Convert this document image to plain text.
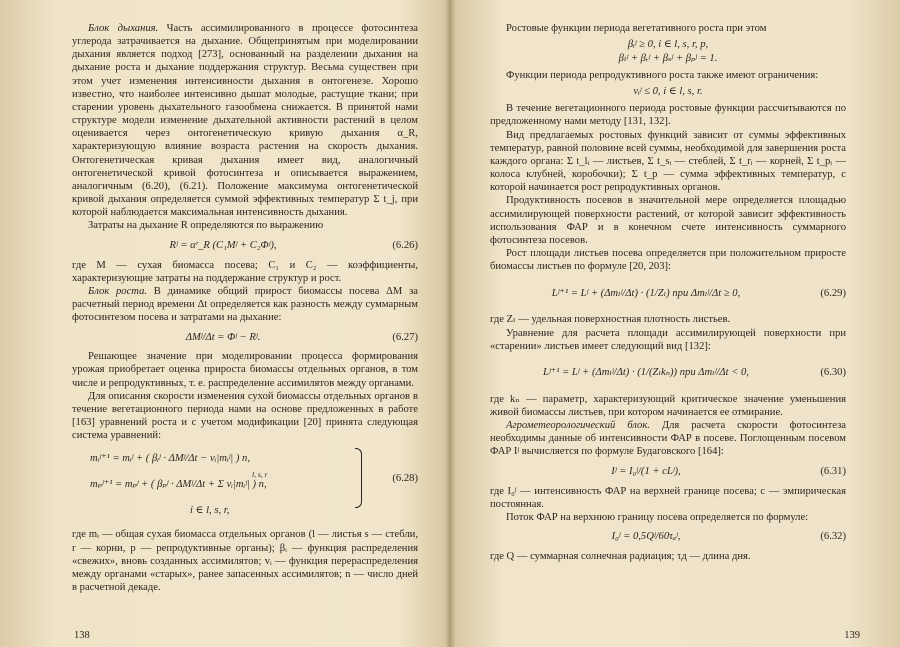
Блок дыхания. Часть ассимилированного в процессе фотосинтеза углерода затрачивается на дыхание. Общепринятым при моделировании дыхания является подход [273], основанный на разделении дыхания на дыхание роста и дыхание поддержания структур. Весьма существен при этом учет изменения интенсивности дыхания в онтогенезе. Хорошо известно, что наиболее интенсивно дышат молодые, растущие ткани; при старении уровень дыхательного газообмена снижается. В принятой нами структуре модели изменение дыхательной активности растений в целом оценивается через онтогенетическую кривую дыхания α_R, характеризующую влияние возраста растения на скорость дыхания. Онтогенетическая кривая дыхания имеет вид, аналогичный онтогенетической кривой фотосинтеза и описывается выражением, аналогичным (6.20), (6.21). Положение максимума онтогенетической кривой дыхания определяется суммой эффективных температур Σ t_j, при которой наблюдается максимальная интенсивность дыхания.

Затраты на дыхание R определяются по выражению

Rʲ = αʳ_R (C₁Mʲ + C₂Φʲ),	(6.26)

где M — сухая биомасса посева; C₁ и C₂ — коэффициенты, характеризующие затраты на поддержание структур и рост.

Блок роста. В динамике общий прирост биомассы посева ΔM за расчетный период времени Δt определяется как разность между суммарным фотосинтезом посева и затратами на дыхание:

ΔMʲ/Δt = Φʲ − Rʲ.	(6.27)

Решающее значение при моделировании процесса формирования урожая приобретает оценка прироста биомассы отдельных органов, в том числе и репродуктивных, т. е. распределение ассимилятов между органами.

Для описания скорости изменения сухой биомассы отдельных органов в течение вегетационного периода нами на основе предложенных в работе [163] уравнений роста и с учетом модификации [20] принята следующая система уравнений:

mᵢʲ⁺¹ = mᵢʲ + ( βᵢʲ · ΔMʲ/Δt − vᵢ|mᵢʲ| ) n,
l, s, r
mₚʲ⁺¹ = mₚʲ + ( βₚʲ · ΔMʲ/Δt + Σ vᵢ|mᵢʲ| ) n,
i ∈ l, s, r,
(6.28)

где mᵢ — общая сухая биомасса отдельных органов (l — листья s — стебли, r — корни, p — репродуктивные органы); βᵢ — функция распределения «свежих», вновь созданных ассимилятов; vᵢ — функция перераспределения между органами «старых», ранее запасенных ассимилятов; n — число дней в расчетной декаде.

138

Ростовые функции периода вегетативного роста при этом

βᵢʲ ≥ 0, i ∈ l, s, r, p,
βₗʲ + βᵣʲ + βₛʲ + βₚʲ = 1.

Функции периода репродуктивного роста также имеют ограничения:

vᵢʲ ≤ 0, i ∈ l, s, r.

В течение вегетационного периода ростовые функции рассчитываются по предложенному нами методу [131, 132].

Вид предлагаемых ростовых функций зависит от суммы эффективных температур, равной половине всей суммы, необходимой для завершения роста каждого органа: Σ t_lᵢ — листьев, Σ t_sᵢ — стеблей, Σ t_rᵢ — корней, Σ t_pᵢ — колоса клубней, коробочки); Σ t_p — сумма эффективных температур, с которой начинается рост репродуктивных органов.

Продуктивность посевов в значительной мере определяется площадью ассимилирующей поверхности растений, от которой зависит эффективность использования ФАР и в конечном счете интенсивность суммарного фотосинтеза посевов.

Рост площади листьев посева определяется при положительном приросте биомассы листьев по формуле [20, 203]:

Lʲ⁺¹ = Lʲ + (Δmₗʲ/Δt) · (1/Zₗ) при Δmₗʲ/Δt ≥ 0,	(6.29)

где Zₗ — удельная поверхностная плотность листьев.

Уравнение для расчета площади ассимилирующей поверхности при «старении» листьев имеет следующий вид [132]:

Lʲ⁺¹ = Lʲ + (Δmₗʲ/Δt) · (1/(Zₗkₙ)) при Δmₗʲ/Δt < 0,	(6.30)

где kₙ — параметр, характеризующий критическое значение уменьшения живой биомассы листьев, при котором начинается ее отмирание.

Агрометеорологический блок. Для расчета скорости фотосинтеза необходимы данные об интенсивности ФАР в посеве. Поглощенным посевом ФАР Iʲ вычисляется по формуле Будаговского [164]:

Iʲ = I₀ʲ/(1 + cLʲ),	(6.31)

где I₀ʲ — интенсивность ФАР на верхней границе посева; c — эмпирическая постоянная.

Поток ФАР на верхнюю границу посева определяется по формуле:

I₀ʲ = 0,5Qʲ/60τₐʲ,	(6.32)

где Q — суммарная солнечная радиация; τд — длина дня.

139
